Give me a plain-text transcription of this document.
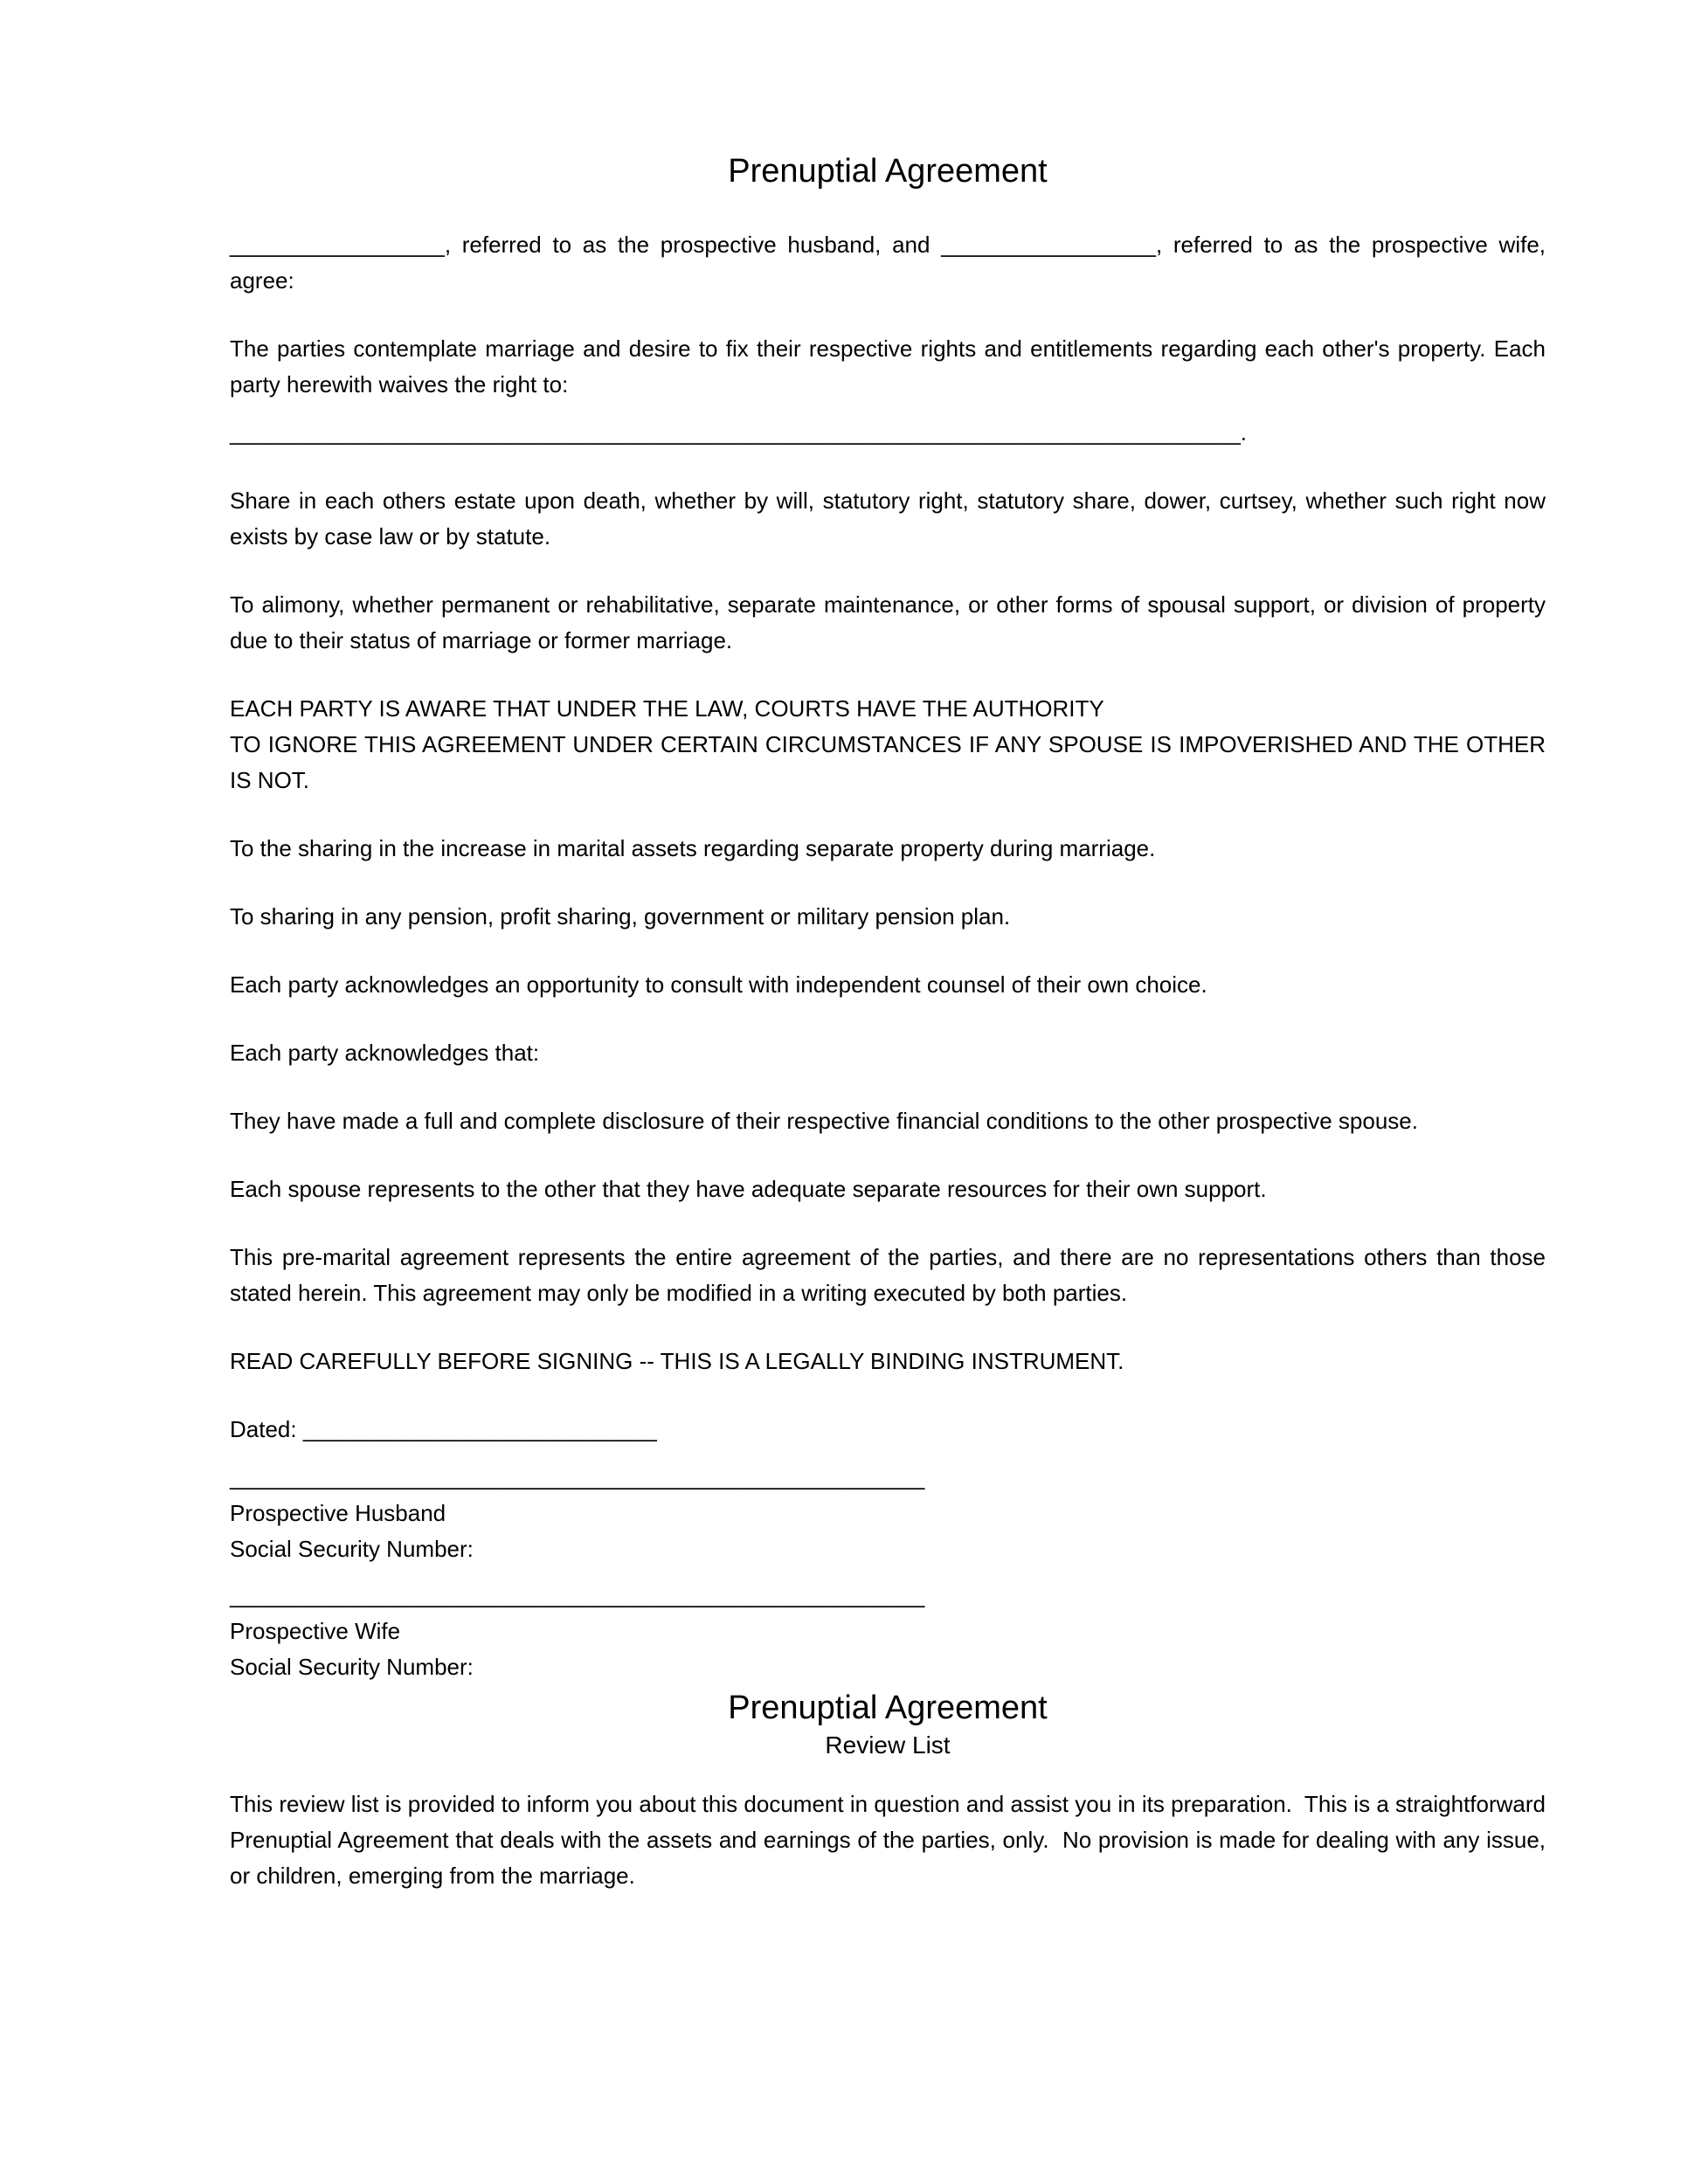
Prenuptial Agreement

_________________, referred to as the prospective husband, and _________________, referred to as the prospective wife, agree:

The parties contemplate marriage and desire to fix their respective rights and entitlements regarding each other's property. Each party herewith waives the right to:
________________________________________________________________________________.

Share in each others estate upon death, whether by will, statutory right, statutory share, dower, curtsey, whether such right now exists by case law or by statute.

To alimony, whether permanent or rehabilitative, separate maintenance, or other forms of spousal support, or division of property due to their status of marriage or former marriage.

EACH PARTY IS AWARE THAT UNDER THE LAW, COURTS HAVE THE AUTHORITY
TO IGNORE THIS AGREEMENT UNDER CERTAIN CIRCUMSTANCES IF ANY SPOUSE IS IMPOVERISHED AND THE OTHER IS NOT.

To the sharing in the increase in marital assets regarding separate property during marriage.

To sharing in any pension, profit sharing, government or military pension plan.

Each party acknowledges an opportunity to consult with independent counsel of their own choice.

Each party acknowledges that:

They have made a full and complete disclosure of their respective financial conditions to the other prospective spouse.

Each spouse represents to the other that they have adequate separate resources for their own support.

This pre-marital agreement represents the entire agreement of the parties, and there are no representations others than those stated herein. This agreement may only be modified in a writing executed by both parties.

READ CAREFULLY BEFORE SIGNING -- THIS IS A LEGALLY BINDING INSTRUMENT.

Dated: ____________________________

_______________________________________________________
Prospective Husband
Social Security Number:
_______________________________________________________
Prospective Wife
Social Security Number:
Prenuptial Agreement
Review List

This review list is provided to inform you about this document in question and assist you in its preparation.  This is a straightforward Prenuptial Agreement that deals with the assets and earnings of the parties, only.  No provision is made for dealing with any issue, or children, emerging from the marriage.
